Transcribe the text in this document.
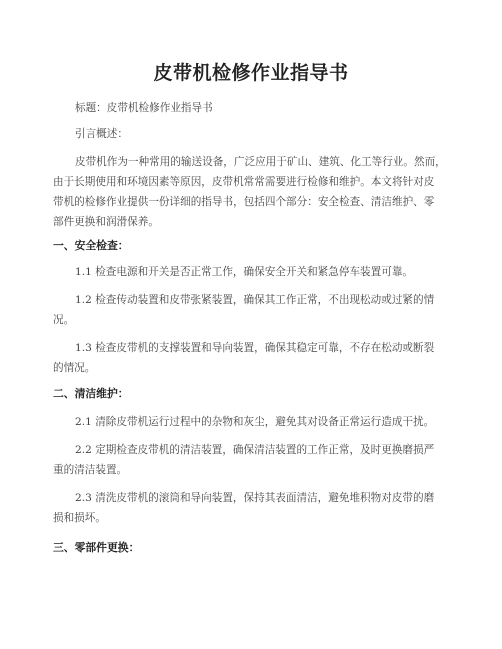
皮带机检修作业指导书
标题：皮带机检修作业指导书
引言概述：
皮带机作为一种常用的输送设备，广泛应用于矿山、建筑、化工等行业。然而，
由于长期使用和环境因素等原因，皮带机常常需要进行检修和维护。本文将针对皮
带机的检修作业提供一份详细的指导书，包括四个部分：安全检查、清洁维护、零
部件更换和润滑保养。
一、安全检查：
1.1 检查电源和开关是否正常工作，确保安全开关和紧急停车装置可靠。
1.2 检查传动装置和皮带张紧装置，确保其工作正常，不出现松动或过紧的情
况。
1.3 检查皮带机的支撑装置和导向装置，确保其稳定可靠，不存在松动或断裂
的情况。
二、清洁维护：
2.1 清除皮带机运行过程中的杂物和灰尘，避免其对设备正常运行造成干扰。
2.2 定期检查皮带机的清洁装置，确保清洁装置的工作正常，及时更换磨损严
重的清洁装置。
2.3 清洗皮带机的滚筒和导向装置，保持其表面清洁，避免堆积物对皮带的磨
损和损坏。
三、零部件更换：
